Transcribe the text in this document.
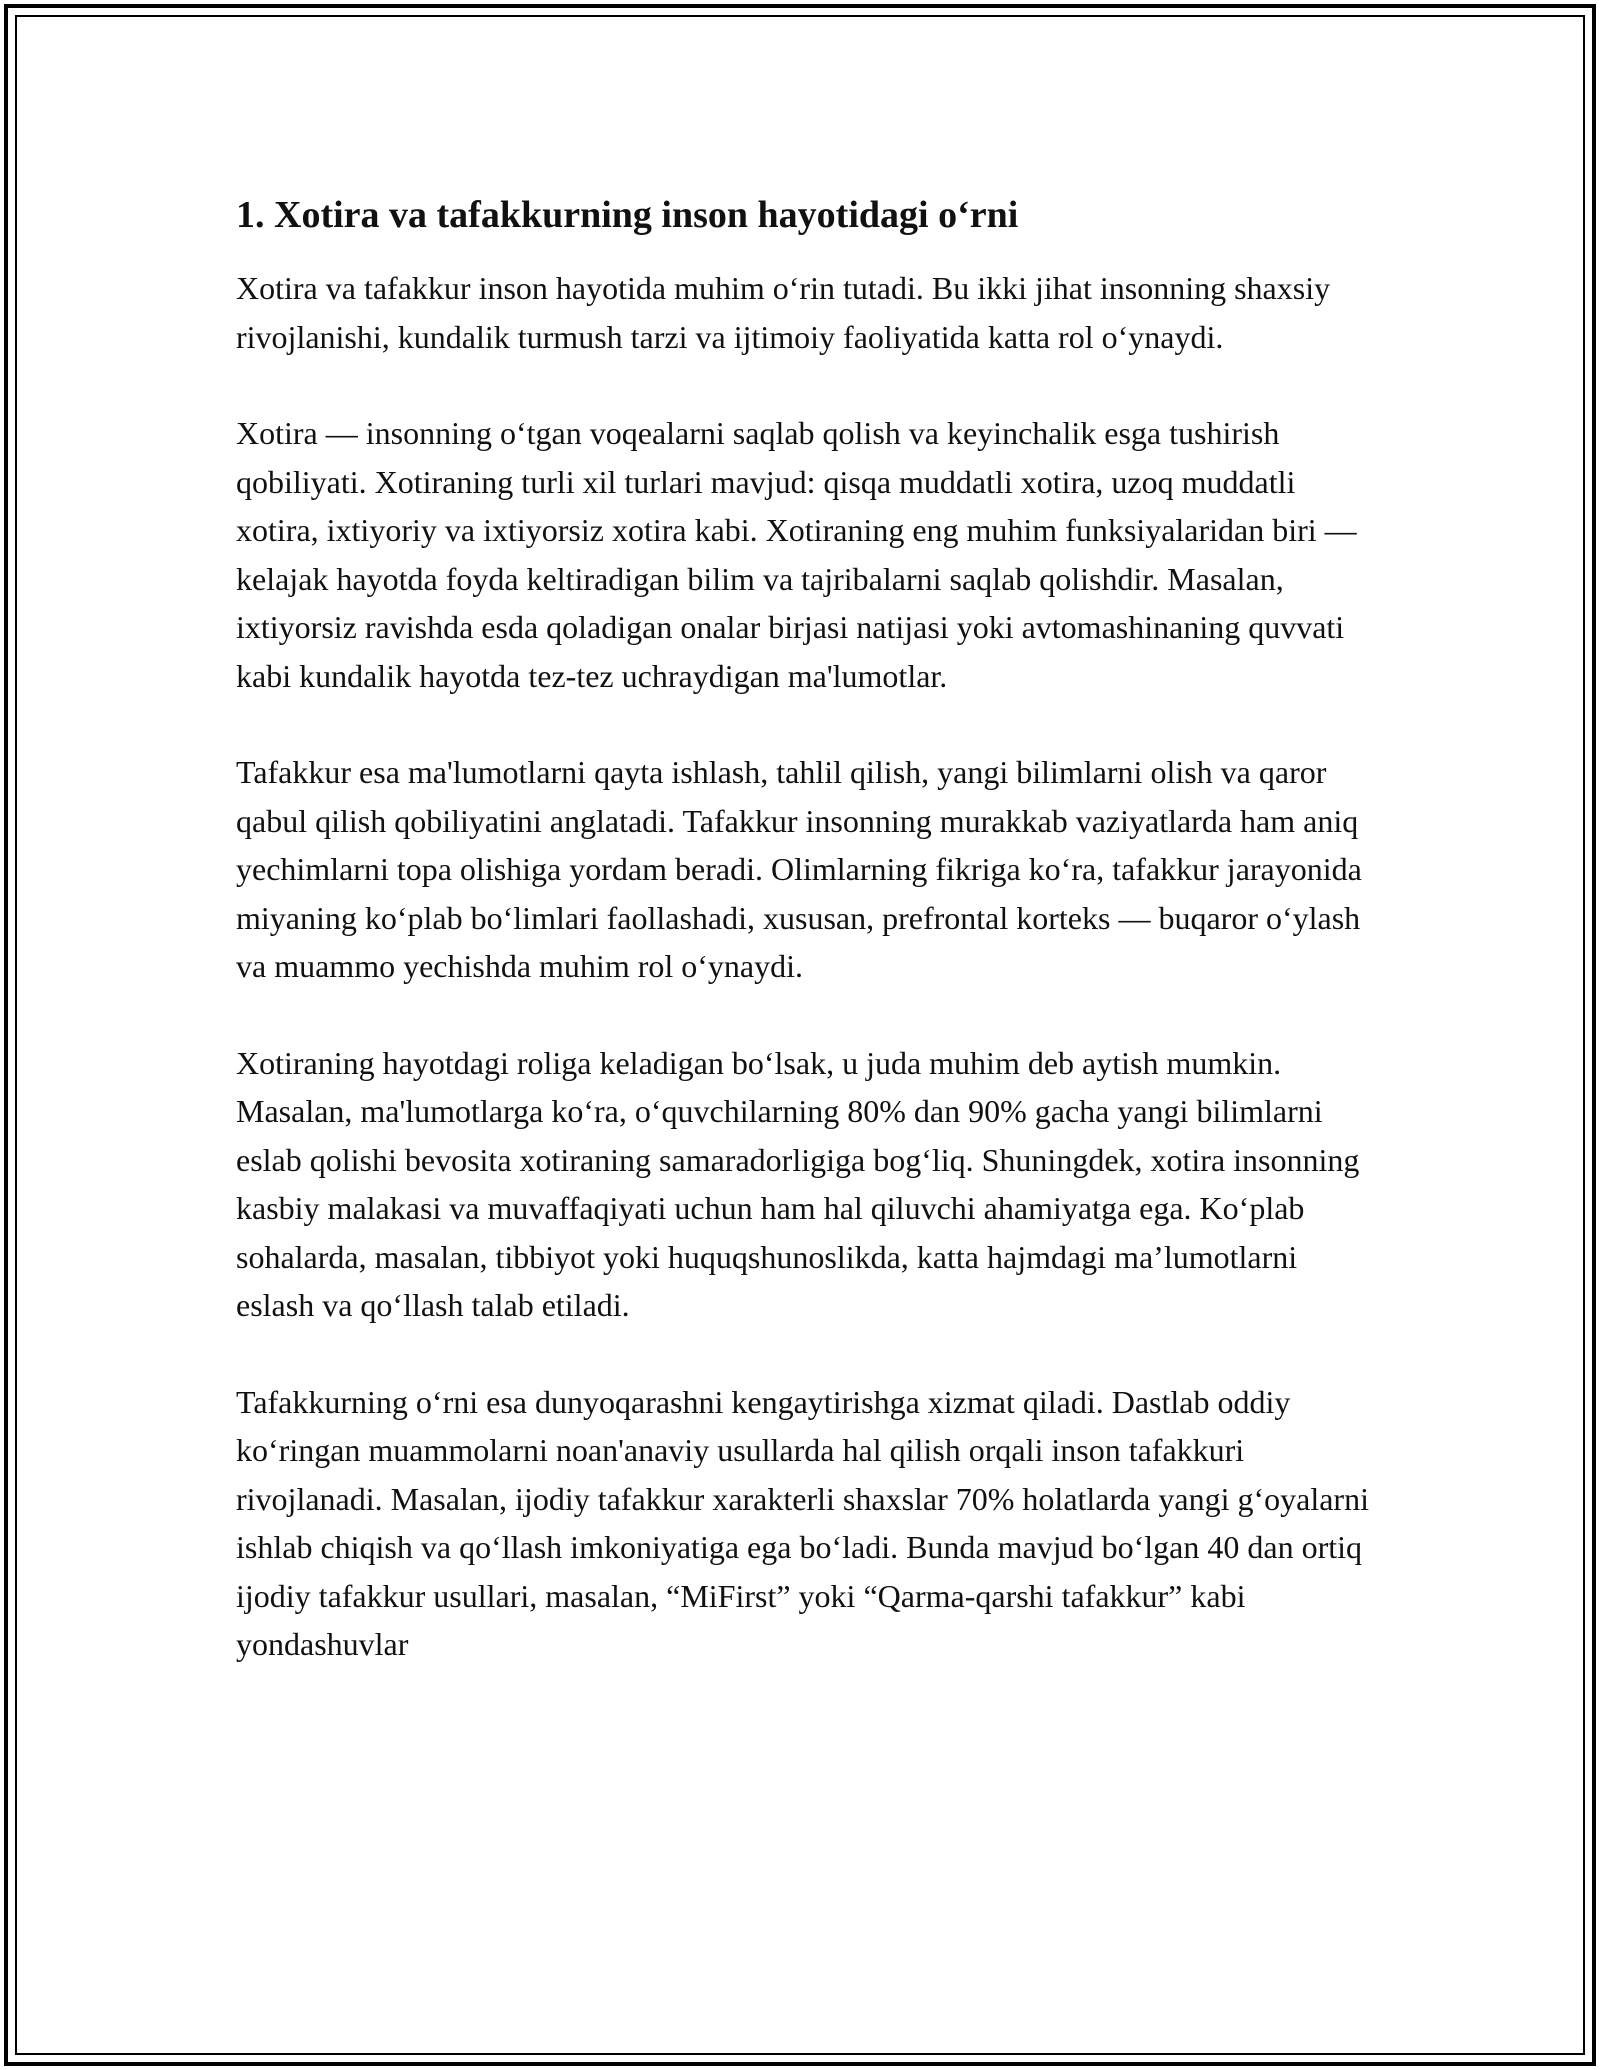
1. Xotira va tafakkurning inson hayotidagi o‘rni

Xotira va tafakkur inson hayotida muhim o‘rin tutadi. Bu ikki jihat insonning shaxsiy rivojlanishi, kundalik turmush tarzi va ijtimoiy faoliyatida katta rol o‘ynaydi.

Xotira — insonning o‘tgan voqealarni saqlab qolish va keyinchalik esga tushirish qobiliyati. Xotiraning turli xil turlari mavjud: qisqa muddatli xotira, uzoq muddatli xotira, ixtiyoriy va ixtiyorsiz xotira kabi. Xotiraning eng muhim funksiyalaridan biri — kelajak hayotda foyda keltiradigan bilim va tajribalarni saqlab qolishdir. Masalan, ixtiyorsiz ravishda esda qoladigan onalar birjasi natijasi yoki avtomashinaning quvvati kabi kundalik hayotda tez-tez uchraydigan ma'lumotlar.

Tafakkur esa ma'lumotlarni qayta ishlash, tahlil qilish, yangi bilimlarni olish va qaror qabul qilish qobiliyatini anglatadi. Tafakkur insonning murakkab vaziyatlarda ham aniq yechimlarni topa olishiga yordam beradi. Olimlarning fikriga ko‘ra, tafakkur jarayonida miyaning ko‘plab bo‘limlari faollashadi, xususan, prefrontal korteks — buqaror o‘ylash va muammo yechishda muhim rol o‘ynaydi.

Xotiraning hayotdagi roliga keladigan bo‘lsak, u juda muhim deb aytish mumkin. Masalan, ma'lumotlarga ko‘ra, o‘quvchilarning 80% dan 90% gacha yangi bilimlarni eslab qolishi bevosita xotiraning samaradorligiga bog‘liq. Shuningdek, xotira insonning kasbiy malakasi va muvaffaqiyati uchun ham hal qiluvchi ahamiyatga ega. Ko‘plab sohalarda, masalan, tibbiyot yoki huquqshunoslikda, katta hajmdagi ma’lumotlarni eslash va qo‘llash talab etiladi.

Tafakkurning o‘rni esa dunyoqarashni kengaytirishga xizmat qiladi. Dastlab oddiy ko‘ringan muammolarni noan'anaviy usullarda hal qilish orqali inson tafakkuri rivojlanadi. Masalan, ijodiy tafakkur xarakterli shaxslar 70% holatlarda yangi g‘oyalarni ishlab chiqish va qo‘llash imkoniyatiga ega bo‘ladi. Bunda mavjud bo‘lgan 40 dan ortiq ijodiy tafakkur usullari, masalan, “MiFirst” yoki “Qarma-qarshi tafakkur” kabi yondashuvlar
